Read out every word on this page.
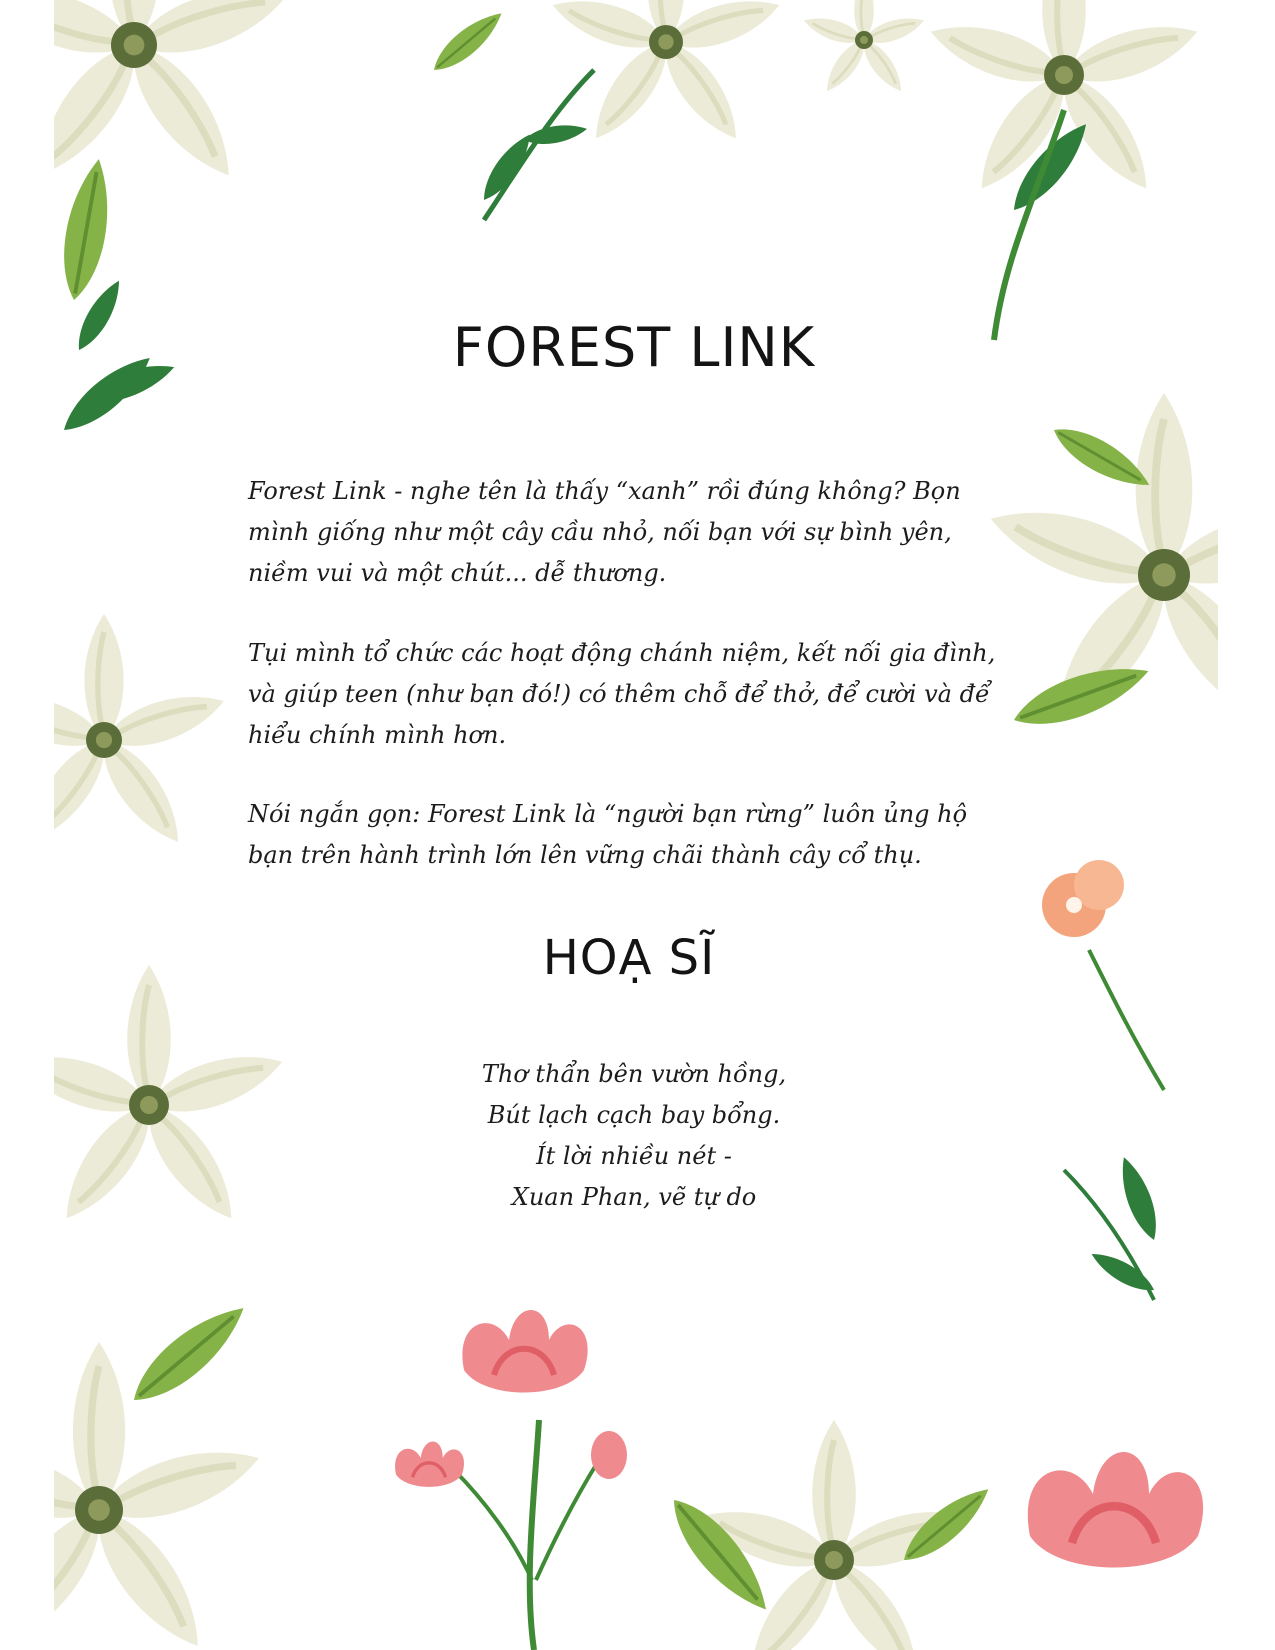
FOREST LINK

Forest Link - nghe tên là thấy “xanh” rồi đúng không? Bọn mình giống như một cây cầu nhỏ, nối bạn với sự bình yên, niềm vui và một chút... dễ thương.

Tụi mình tổ chức các hoạt động chánh niệm, kết nối gia đình, và giúp teen (như bạn đó!) có thêm chỗ để thở, để cười và để hiểu chính mình hơn.

Nói ngắn gọn: Forest Link là “người bạn rừng” luôn ủng hộ bạn trên hành trình lớn lên vững chãi thành cây cổ thụ.

HOẠ SĨ
Thơ thẩn bên vườn hồng,
Bút lạch cạch bay bổng.
Ít lời nhiều nét -
Xuan Phan, vẽ tự do
